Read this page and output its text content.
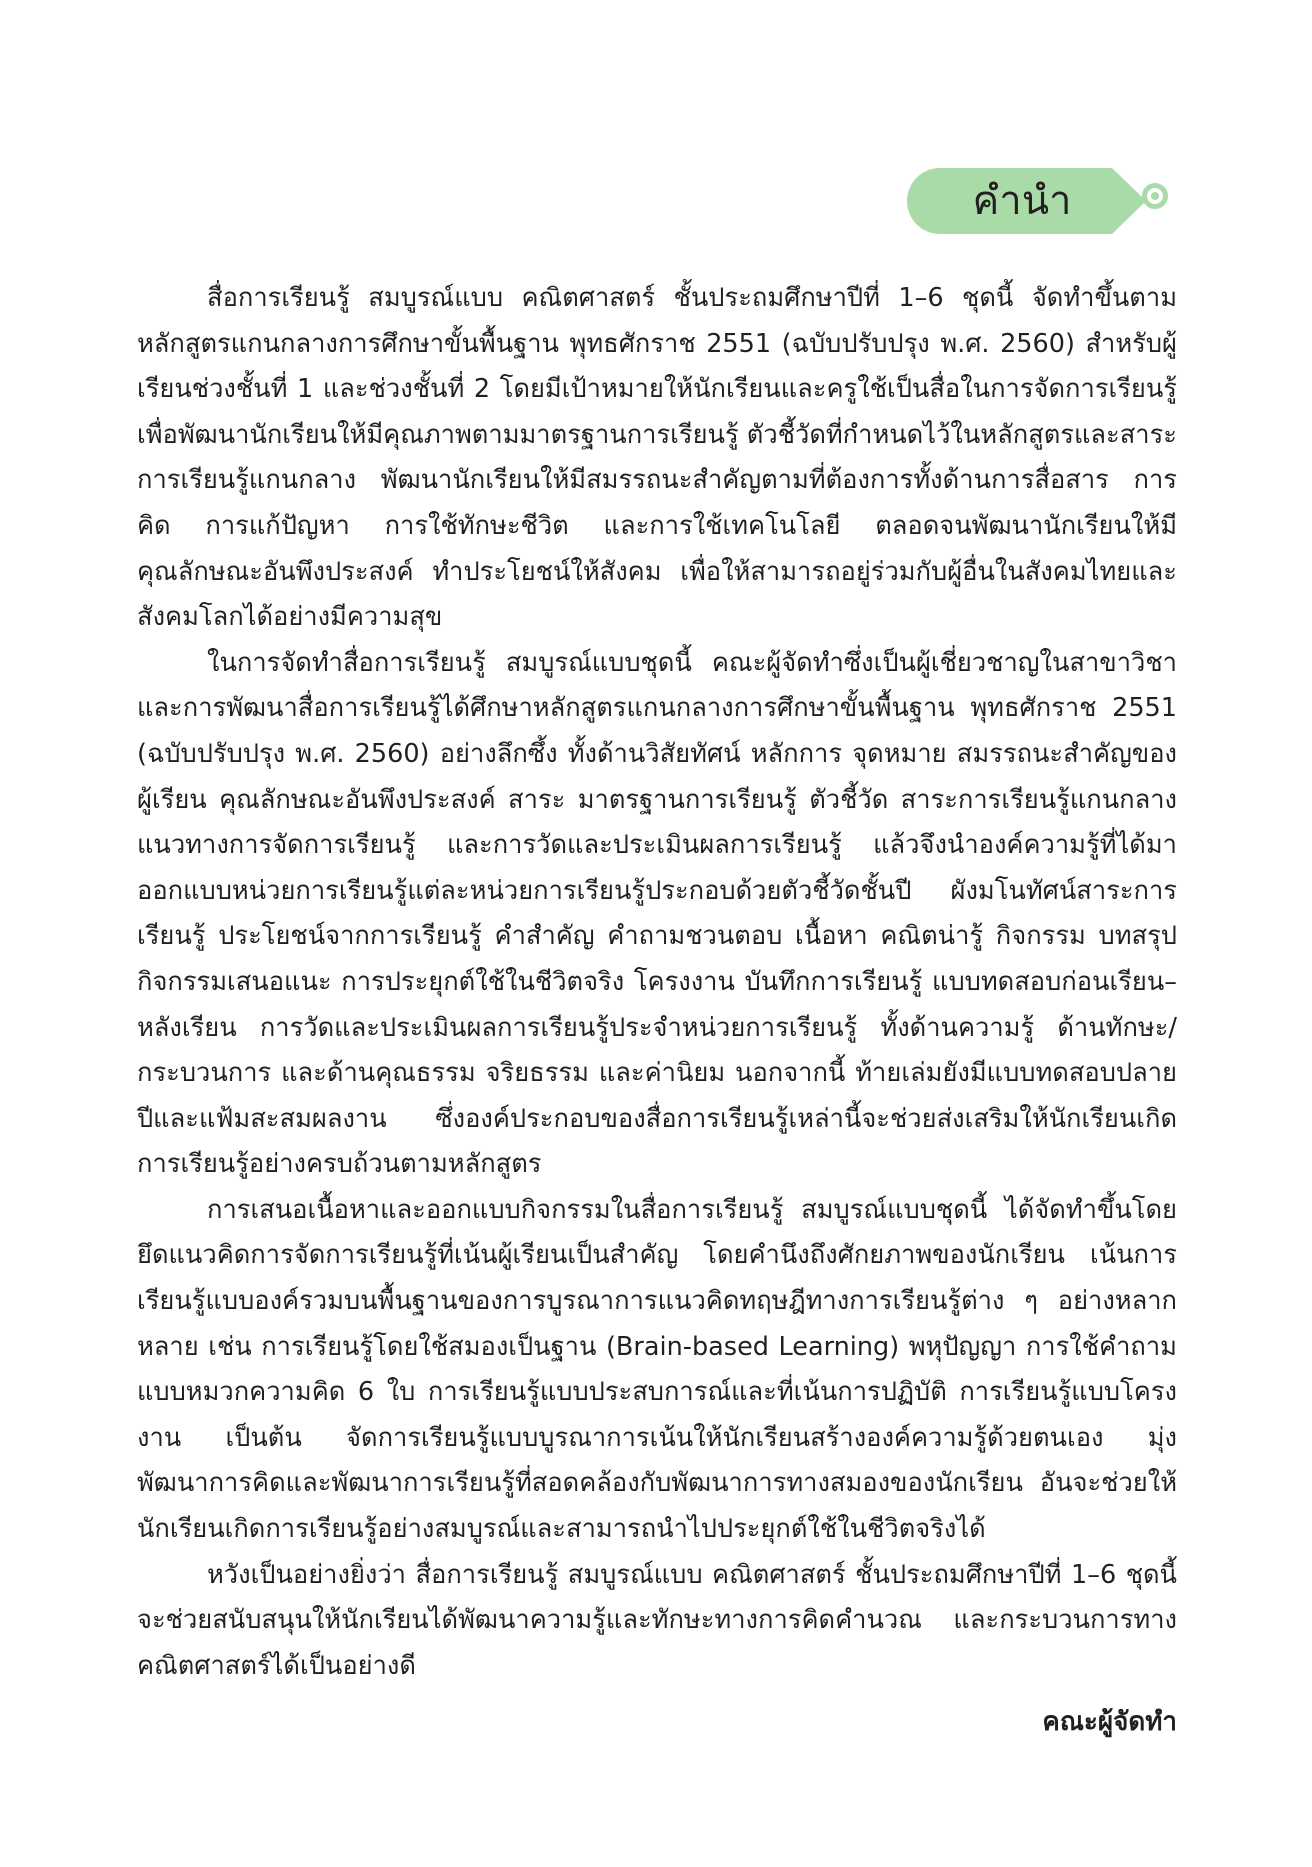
คำนำ

สื่อการเรียนรู้ สมบูรณ์แบบ คณิตศาสตร์ ชั้นประถมศึกษาปีที่ 1–6 ชุดนี้ จัดทำขึ้นตามหลักสูตรแกนกลางการศึกษาขั้นพื้นฐาน พุทธศักราช 2551 (ฉบับปรับปรุง พ.ศ. 2560) สำหรับผู้เรียนช่วงชั้นที่ 1 และช่วงชั้นที่ 2 โดยมีเป้าหมายให้นักเรียนและครูใช้เป็นสื่อในการจัดการเรียนรู้เพื่อพัฒนานักเรียนให้มีคุณภาพตามมาตรฐานการเรียนรู้ ตัวชี้วัดที่กำหนดไว้ในหลักสูตรและสาระการเรียนรู้แกนกลาง พัฒนานักเรียนให้มีสมรรถนะสำคัญตามที่ต้องการทั้งด้านการสื่อสาร การคิด การแก้ปัญหา การใช้ทักษะชีวิต และการใช้เทคโนโลยี ตลอดจนพัฒนานักเรียนให้มีคุณลักษณะอันพึงประสงค์ ทำประโยชน์ให้สังคม เพื่อให้สามารถอยู่ร่วมกับผู้อื่นในสังคมไทยและสังคมโลกได้อย่างมีความสุข

ในการจัดทำสื่อการเรียนรู้ สมบูรณ์แบบชุดนี้ คณะผู้จัดทำซึ่งเป็นผู้เชี่ยวชาญในสาขาวิชาและการพัฒนาสื่อการเรียนรู้ได้ศึกษาหลักสูตรแกนกลางการศึกษาขั้นพื้นฐาน พุทธศักราช 2551 (ฉบับปรับปรุง พ.ศ. 2560) อย่างลึกซึ้ง ทั้งด้านวิสัยทัศน์ หลักการ จุดหมาย สมรรถนะสำคัญของผู้เรียน คุณลักษณะอันพึงประสงค์ สาระ มาตรฐานการเรียนรู้ ตัวชี้วัด สาระการเรียนรู้แกนกลาง แนวทางการจัดการเรียนรู้ และการวัดและประเมินผลการเรียนรู้ แล้วจึงนำองค์ความรู้ที่ได้มาออกแบบหน่วยการเรียนรู้แต่ละหน่วยการเรียนรู้ประกอบด้วยตัวชี้วัดชั้นปี ผังมโนทัศน์สาระการเรียนรู้ ประโยชน์จากการเรียนรู้ คำสำคัญ คำถามชวนตอบ เนื้อหา คณิตน่ารู้ กิจกรรม บทสรุป กิจกรรมเสนอแนะ การประยุกต์ใช้ในชีวิตจริง โครงงาน บันทึกการเรียนรู้ แบบทดสอบก่อนเรียน–หลังเรียน การวัดและประเมินผลการเรียนรู้ประจำหน่วยการเรียนรู้ ทั้งด้านความรู้ ด้านทักษะ/กระบวนการ และด้านคุณธรรม จริยธรรม และค่านิยม นอกจากนี้ ท้ายเล่มยังมีแบบทดสอบปลายปีและแฟ้มสะสมผลงาน ซึ่งองค์ประกอบของสื่อการเรียนรู้เหล่านี้จะช่วยส่งเสริมให้นักเรียนเกิดการเรียนรู้อย่างครบถ้วนตามหลักสูตร

การเสนอเนื้อหาและออกแบบกิจกรรมในสื่อการเรียนรู้ สมบูรณ์แบบชุดนี้ ได้จัดทำขึ้นโดยยึดแนวคิดการจัดการเรียนรู้ที่เน้นผู้เรียนเป็นสำคัญ โดยคำนึงถึงศักยภาพของนักเรียน เน้นการเรียนรู้แบบองค์รวมบนพื้นฐานของการบูรณาการแนวคิดทฤษฎีทางการเรียนรู้ต่าง ๆ อย่างหลากหลาย เช่น การเรียนรู้โดยใช้สมองเป็นฐาน (Brain-based Learning) พหุปัญญา การใช้คำถามแบบหมวกความคิด 6 ใบ การเรียนรู้แบบประสบการณ์และที่เน้นการปฏิบัติ การเรียนรู้แบบโครงงาน เป็นต้น จัดการเรียนรู้แบบบูรณาการเน้นให้นักเรียนสร้างองค์ความรู้ด้วยตนเอง มุ่งพัฒนาการคิดและพัฒนาการเรียนรู้ที่สอดคล้องกับพัฒนาการทางสมองของนักเรียน อันจะช่วยให้นักเรียนเกิดการเรียนรู้อย่างสมบูรณ์และสามารถนำไปประยุกต์ใช้ในชีวิตจริงได้

หวังเป็นอย่างยิ่งว่า สื่อการเรียนรู้ สมบูรณ์แบบ คณิตศาสตร์ ชั้นประถมศึกษาปีที่ 1–6 ชุดนี้ จะช่วยสนับสนุนให้นักเรียนได้พัฒนาความรู้และทักษะทางการคิดคำนวณ และกระบวนการทางคณิตศาสตร์ได้เป็นอย่างดี

คณะผู้จัดทำ
